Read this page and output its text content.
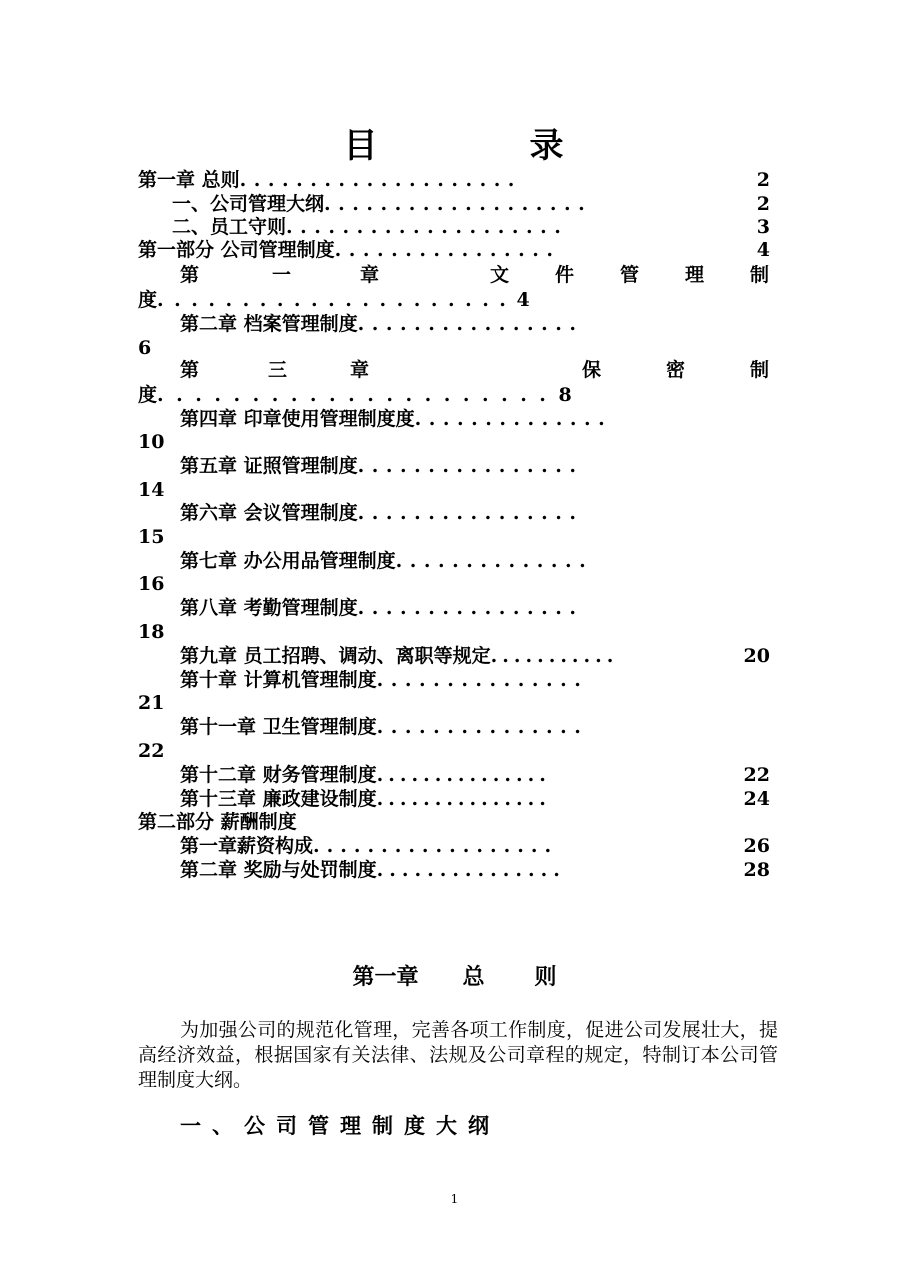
目	录
第一章 总则....................	2
一、公司管理大纲...................	2
二、员工守则....................	3
第一部分 公司管理制度................	4
第	一	章	文 件 管 理 制
度.....................4
第二章 档案管理制度................
6
第	三	章	保	密	制
度.....................8
第四章 印章使用管理制度度..............
10
第五章 证照管理制度................
14
第六章 会议管理制度................
15
第七章 办公用品管理制度..............
16
第八章 考勤管理制度................
18
第九章 员工招聘、调动、离职等规定...........	20
第十章 计算机管理制度...............
21
第十一章 卫生管理制度...............
22
第十二章 财务管理制度...............	22
第十三章 廉政建设制度...............	24
第二部分 薪酬制度
第一章薪资构成..................	26
第二章 奖励与处罚制度...............	28
第一章 总 则
为加强公司的规范化管理，完善各项工作制度，促进公司发展壮大，提高经济效益，根据国家有关法律、法规及公司章程的规定，特制订本公司管理制度大纲。
一、公司管理制度大纲
1
